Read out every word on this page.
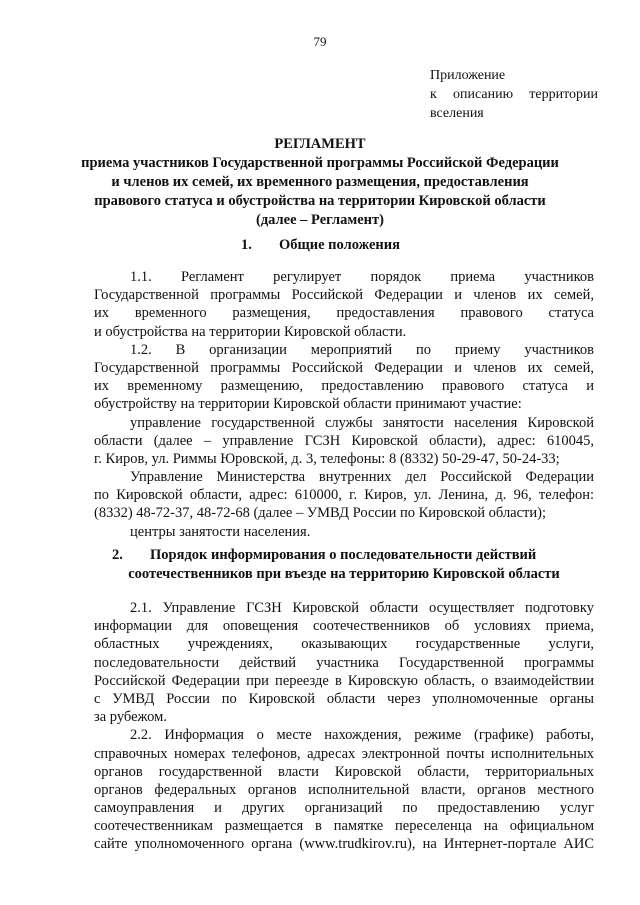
79
Приложение
к описанию территории
вселения
РЕГЛАМЕНТ
приема участников Государственной программы Российской Федерации
и членов их семей, их временного размещения, предоставления
правового статуса и обустройства на территории Кировской области
(далее – Регламент)
1. Общие положения
1.1. Регламент регулирует порядок приема участников
Государственной программы Российской Федерации и членов их семей,
их временного размещения, предоставления правового статуса
и обустройства на территории Кировской области.
1.2. В организации мероприятий по приему участников
Государственной программы Российской Федерации и членов их семей,
их временному размещению, предоставлению правового статуса и
обустройству на территории Кировской области принимают участие:
управление государственной службы занятости населения Кировской
области (далее – управление ГСЗН Кировской области), адрес: 610045,
г. Киров, ул. Риммы Юровской, д. 3, телефоны: 8 (8332) 50-29-47, 50-24-33;
Управление Министерства внутренних дел Российской Федерации
по Кировской области, адрес: 610000, г. Киров, ул. Ленина, д. 96, телефон:
(8332) 48-72-37, 48-72-68 (далее – УМВД России по Кировской области);
центры занятости населения.
2. Порядок информирования о последовательности действий
соотечественников при въезде на территорию Кировской области
2.1. Управление ГСЗН Кировской области осуществляет подготовку
информации для оповещения соотечественников об условиях приема,
областных учреждениях, оказывающих государственные услуги,
последовательности действий участника Государственной программы
Российской Федерации при переезде в Кировскую область, о взаимодействии
с УМВД России по Кировской области через уполномоченные органы
за рубежом.
2.2. Информация о месте нахождения, режиме (графике) работы,
справочных номерах телефонов, адресах электронной почты исполнительных
органов государственной власти Кировской области, территориальных
органов федеральных органов исполнительной власти, органов местного
самоуправления и других организаций по предоставлению услуг
соотечественникам размещается в памятке переселенца на официальном
сайте уполномоченного органа (www.trudkirov.ru), на Интернет-портале АИС
